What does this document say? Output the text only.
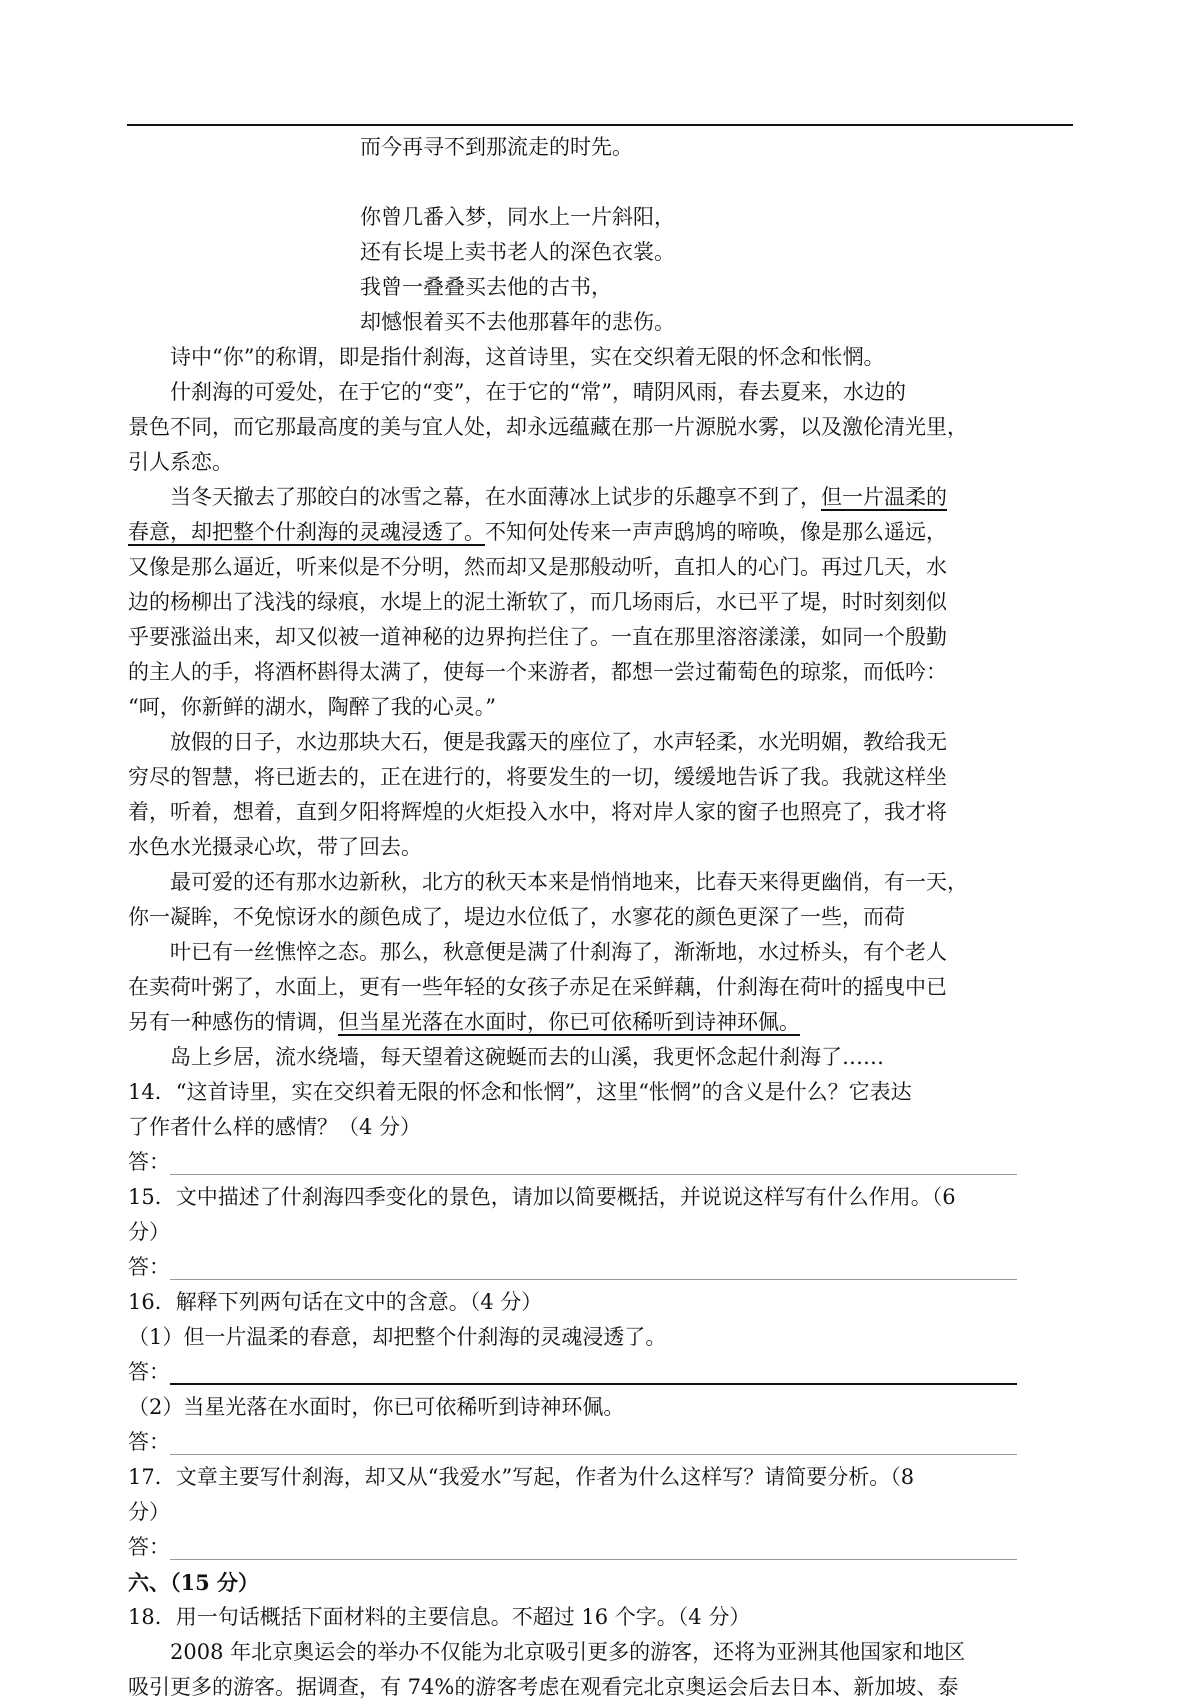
而今再寻不到那流走的时先。
你曾几番入梦，同水上一片斜阳，
还有长堤上卖书老人的深色衣裳。
我曾一叠叠买去他的古书，
却憾恨着买不去他那暮年的悲伤。
诗中“你”的称谓，即是指什刹海，这首诗里，实在交织着无限的怀念和怅惘。
什刹海的可爱处，在于它的“变”，在于它的“常”，晴阴风雨，春去夏来，水边的
景色不同，而它那最高度的美与宜人处，却永远蕴藏在那一片源脱水雾，以及激伦清光里，
引人系恋。
当冬天撤去了那皎白的冰雪之幕，在水面薄冰上试步的乐趣享不到了，但一片温柔的
春意，却把整个什刹海的灵魂浸透了。不知何处传来一声声鸱鸠的啼唤，像是那么遥远，
又像是那么逼近，听来似是不分明，然而却又是那般动听，直扣人的心门。再过几天，水
边的杨柳出了浅浅的绿痕，水堤上的泥土渐软了，而几场雨后，水已平了堤，时时刻刻似
乎要涨溢出来，却又似被一道神秘的边界拘拦住了。一直在那里溶溶漾漾，如同一个殷勤
的主人的手，将酒杯斟得太满了，使每一个来游者，都想一尝过葡萄色的琼浆，而低吟：
“呵，你新鲜的湖水，陶醉了我的心灵。”
放假的日子，水边那块大石，便是我露天的座位了，水声轻柔，水光明媚，教给我无
穷尽的智慧，将已逝去的，正在进行的，将要发生的一切，缓缓地告诉了我。我就这样坐
着，听着，想着，直到夕阳将辉煌的火炬投入水中，将对岸人家的窗子也照亮了，我才将
水色水光摄录心坎，带了回去。
最可爱的还有那水边新秋，北方的秋天本来是悄悄地来，比春天来得更幽俏，有一天，
你一凝眸，不免惊讶水的颜色成了，堤边水位低了，水寥花的颜色更深了一些，而荷
叶已有一丝憔悴之态。那么，秋意便是满了什刹海了，渐渐地，水过桥头，有个老人
在卖荷叶粥了，水面上，更有一些年轻的女孩子赤足在采鲜藕，什刹海在荷叶的摇曳中已
另有一种感伤的情调，但当星光落在水面时，你已可依稀听到诗神环佩。
岛上乡居，流水绕墙，每天望着这碗蜒而去的山溪，我更怀念起什刹海了……
14．“这首诗里，实在交织着无限的怀念和怅惘”，这里“怅惘”的含义是什么？它表达
了作者什么样的感情？（4 分）
答：
15．文中描述了什刹海四季变化的景色，请加以简要概括，并说说这样写有什么作用。（6
分）
答：
16．解释下列两句话在文中的含意。（4 分）
（1）但一片温柔的春意，却把整个什刹海的灵魂浸透了。
答：
（2）当星光落在水面时，你已可依稀听到诗神环佩。
答：
17．文章主要写什刹海，却又从“我爱水”写起，作者为什么这样写？请简要分析。（8
分）
答：
六、（15 分）
18．用一句话概括下面材料的主要信息。不超过 16 个字。（4 分）
2008 年北京奥运会的举办不仅能为北京吸引更多的游客，还将为亚洲其他国家和地区
吸引更多的游客。据调查，有 74%的游客考虑在观看完北京奥运会后去日本、新加坡、泰
